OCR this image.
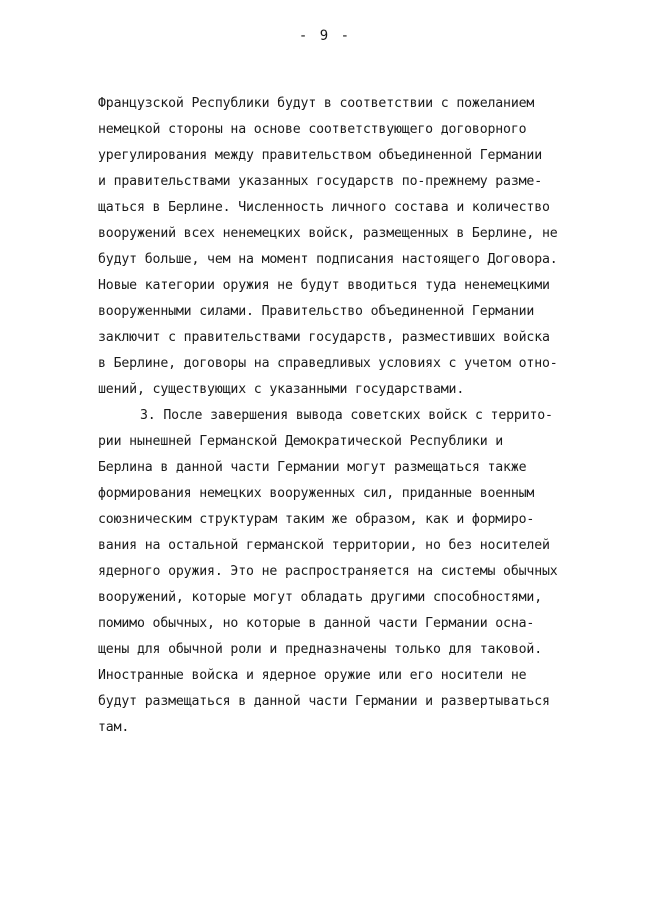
- 9 -
Французской Республики будут в соответствии с пожеланием
немецкой стороны на основе соответствующего договорного
урегулирования между правительством объединенной Германии
и правительствами указанных государств по-прежнему разме-
щаться в Берлине. Численность личного состава и количество
вооружений всех ненемецких войск, размещенных в Берлине, не
будут больше, чем на момент подписания настоящего Договора.
Новые категории оружия не будут вводиться туда ненемецкими
вооруженными силами. Правительство объединенной Германии
заключит с правительствами государств, разместивших войска
в Берлине, договоры на справедливых условиях с учетом отно-
шений, существующих с указанными государствами.
3. После завершения вывода советских войск с террито-
рии нынешней Германской Демократической Республики и
Берлина в данной части Германии могут размещаться также
формирования немецких вооруженных сил, приданные военным
союзническим структурам таким же образом, как и формиро-
вания на остальной германской территории, но без носителей
ядерного оружия. Это не распространяется на системы обычных
вооружений, которые могут обладать другими способностями,
помимо обычных, но которые в данной части Германии осна-
щены для обычной роли и предназначены только для таковой.
Иностранные войска и ядерное оружие или его носители не
будут размещаться в данной части Германии и развертываться
там.
